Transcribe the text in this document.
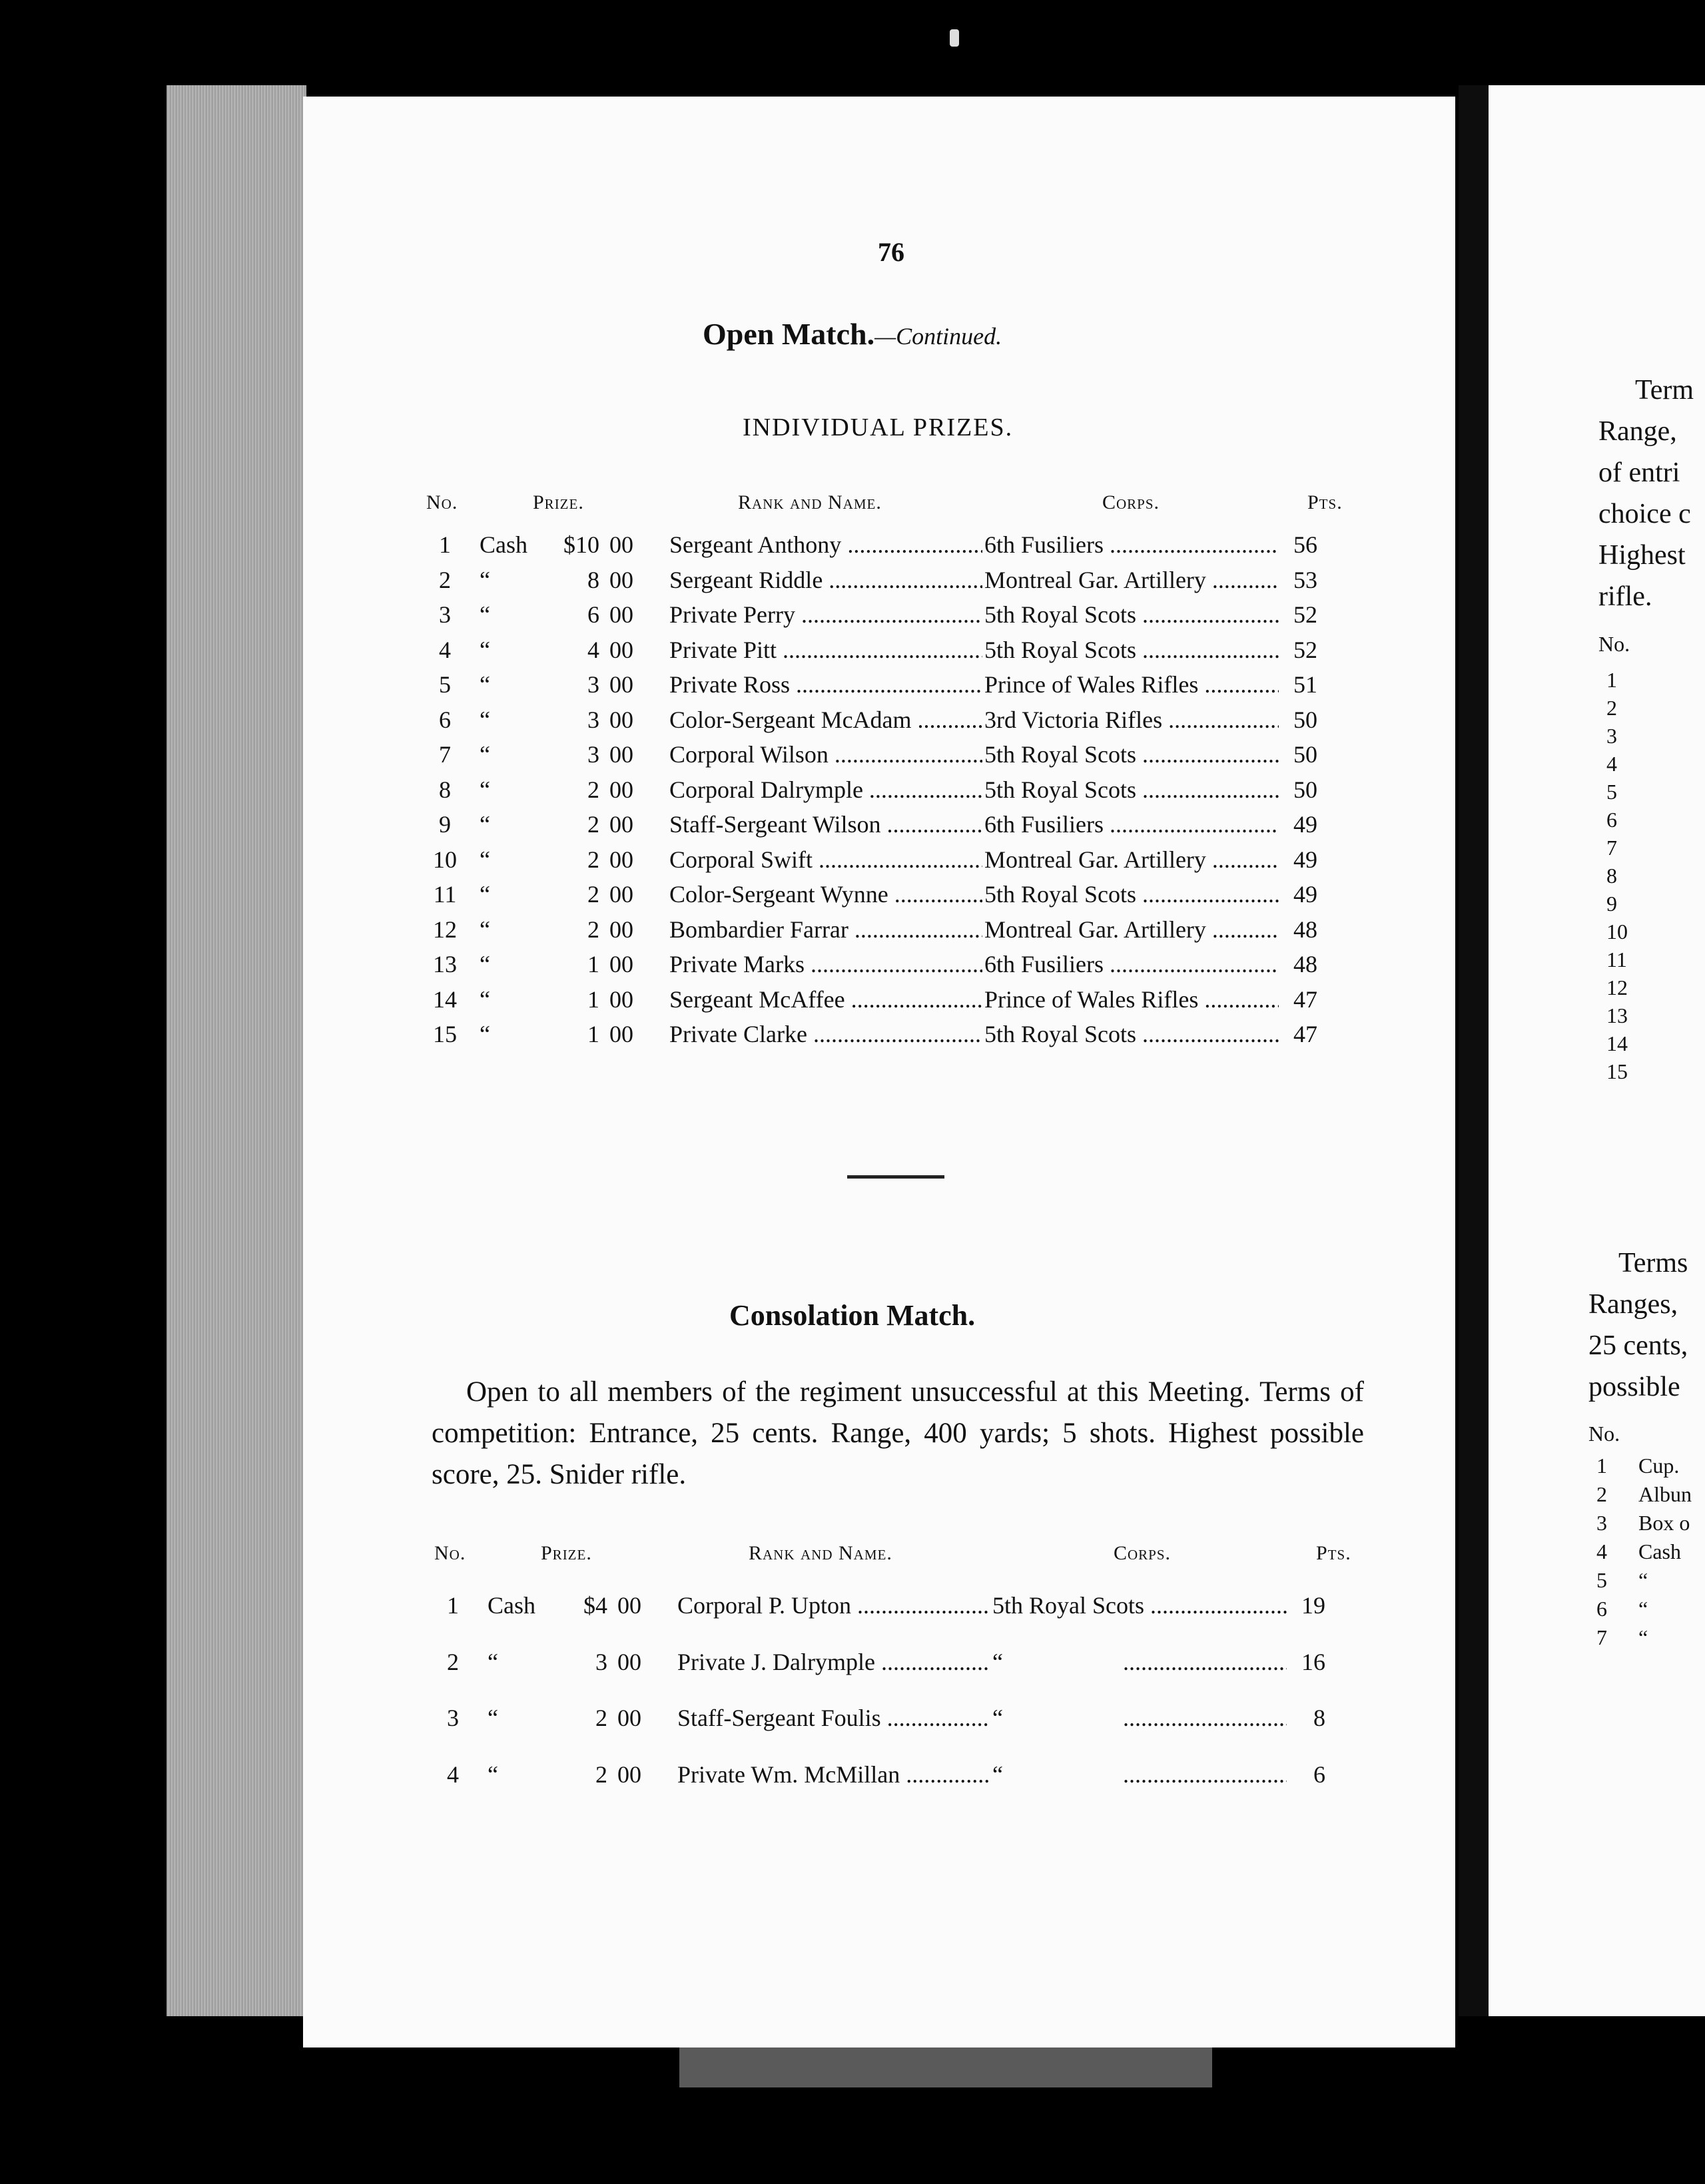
76
Open Match.—Continued.
INDIVIDUAL PRIZES.
No.	Prize.	Rank and Name.	Corps.	Pts.
1	Cash	$10 00 Sergeant Anthony .....	6th Fusiliers .....	56
2	“	8 00 Sergeant Riddle .....	Montreal Gar. Artillery .....	53
3	“	6 00 Private Perry .....	5th Royal Scots .....	52
4	“	4 00 Private Pitt .....	5th Royal Scots .....	52
5	“	3 00 Private Ross .....	Prince of Wales Rifles .....	51
6	“	3 00 Color-Sergeant McAdam .....	3rd Victoria Rifles .....	50
7	“	3 00 Corporal Wilson .....	5th Royal Scots .....	50
8	“	2 00 Corporal Dalrymple .....	5th Royal Scots .....	50
9	“	2 00 Staff-Sergeant Wilson .....	6th Fusiliers .....	49
10 “	2 00 Corporal Swift .....	Montreal Gar. Artillery .....	49
11 “	2 00 Color-Sergeant Wynne .....	5th Royal Scots .....	49
12 “	2 00 Bombardier Farrar .....	Montreal Gar. Artillery .....	48
13 “	1 00 Private Marks .....	6th Fusiliers .....	48
14 “	1 00 Sergeant McAffee .....	Prince of Wales Rifles .....	47
15 “	1 00 Private Clarke .....	5th Royal Scots .....	47
Consolation Match.
Open to all members of the regiment unsuccessful at this Meeting. Terms of competition: Entrance, 25 cents. Range, 400 yards; 5 shots. Highest possible score, 25. Snider rifle.
No.	Prize.	Rank and Name.	Corps.	Pts.
1	Cash	$4 00 Corporal P. Upton .....	5th Royal Scots .....	19
2	“	3 00 Private J. Dalrymple .....	“                    .....	16
3	“	2 00 Staff-Sergeant Foulis .....	“                    .....	8
4	“	2 00 Private Wm. McMillan .....	“                    .....	6
Term
Range,
of entri
choice c
Highest
rifle.
No.
1
2
3
4
5
6
7
8
9
10
11
12
13
14
15
Terms
Ranges,
25 cents,
possible
No.
1 Cup.
2 Albun
3 Box o
4 Cash
5 “
6 “
7 “
